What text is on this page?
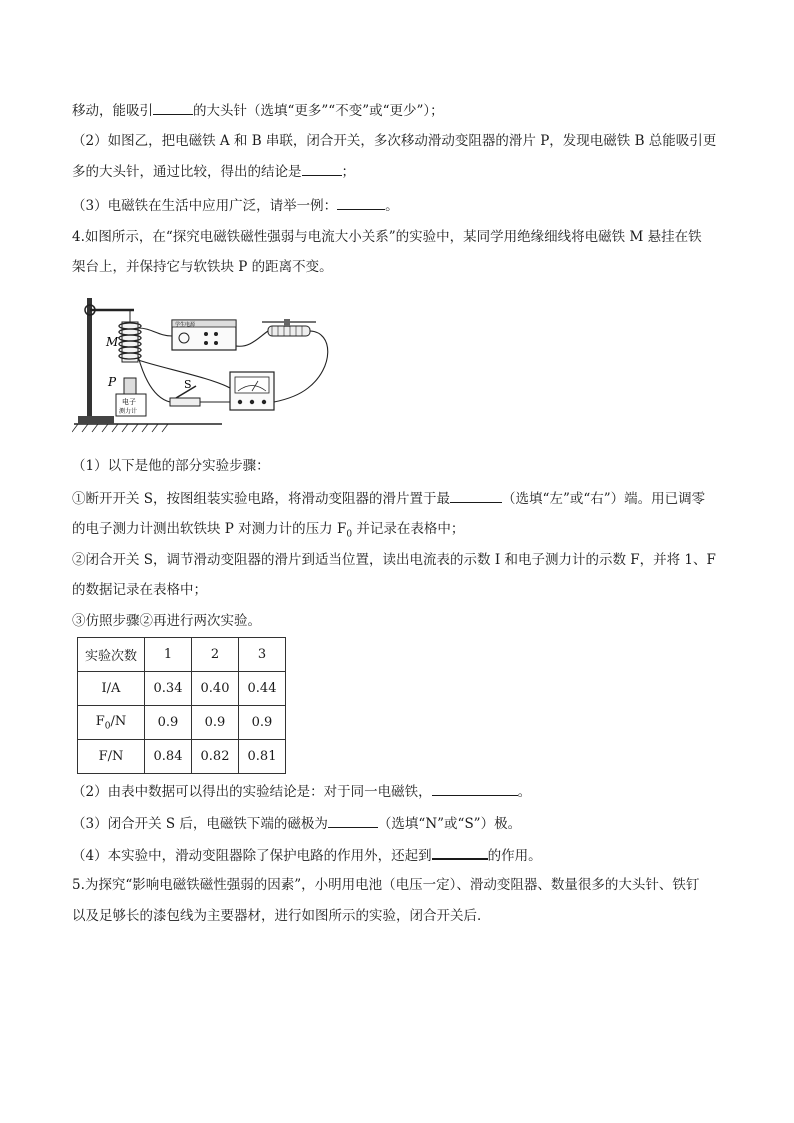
移动，能吸引	的大头针（选填“更多”“不变”或“更少”）；
（2）如图乙，把电磁铁 A 和 B 串联，闭合开关，多次移动滑动变阻器的滑片 P，发现电磁铁 B 总能吸引更
多的大头针，通过比较，得出的结论是	；
（3）电磁铁在生活中应用广泛，请举一例：	。
4.如图所示，在“探究电磁铁磁性强弱与电流大小关系”的实验中，某同学用绝缘细线将电磁铁 M 悬挂在铁
架台上，并保持它与软铁块 P 的距离不变。
M
P
电子
测力计
学生电源
S
（1）以下是他的部分实验步骤：
①断开开关 S，按图组装实验电路，将滑动变阻器的滑片置于最	（选填“左”或“右”）端。用已调零
的电子测力计测出软铁块 P 对测力计的压力 $F_0$ 并记录在表格中；
②闭合开关 S，调节滑动变阻器的滑片到适当位置，读出电流表的示数 I 和电子测力计的示数 F，并将 1、F
的数据记录在表格中；
③仿照步骤②再进行两次实验。
实验次数	1	2	3
I/A	0.34	0.40	0.44
$F_0/N$	0.9	0.9	0.9
F/N	0.84	0.82	0.81
（2）由表中数据可以得出的实验结论是：对于同一电磁铁，	。
（3）闭合开关 S 后，电磁铁下端的磁极为	（选填“N”或“S”）极。
（4）本实验中，滑动变阻器除了保护电路的作用外，还起到	的作用。
5.为探究“影响电磁铁磁性强弱的因素”，小明用电池（电压一定）、滑动变阻器、数量很多的大头针、铁钉
以及足够长的漆包线为主要器材，进行如图所示的实验，闭合开关后．
